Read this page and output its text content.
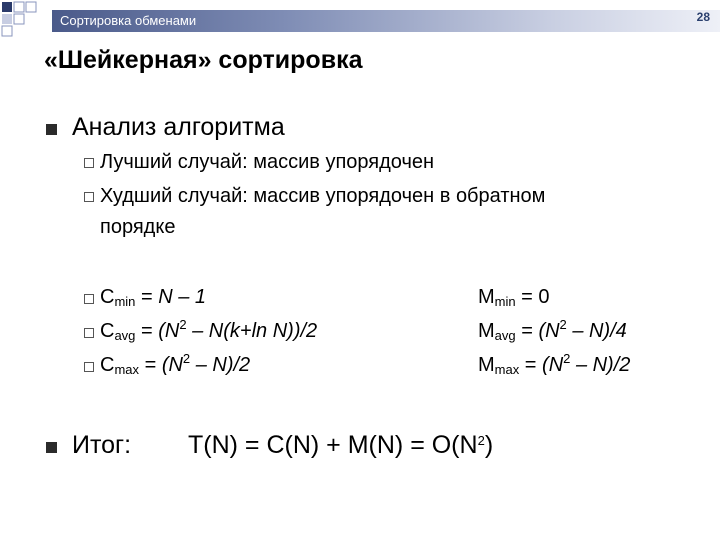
Сортировка обменами	28
«Шейкерная» сортировка
Анализ алгоритма
Лучший случай: массив упорядочен
Худший случай: массив упорядочен в обратном
порядке
$C_{min} = N - 1$
$C_{avg} = (N^2 - N(k+\ln$ N))/2
$C_{max} = (N^2 - N)/2$
$M_{min} = 0$
$M_{avg} = (N^2 - N)/4$
$M_{max} = (N^2 - N)/2$
Итог: $T(N) = C(N) + M(N) = O(N^2)$
